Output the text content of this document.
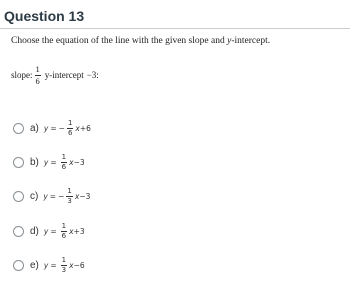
Question 13
Choose the equation of the line with the given slope and y-intercept.
slope: $\frac{1}{6}$ y-intercept −3:
a) y = − $\frac{1}{6}$ x +6
b) $y = \frac{1}{6}$ x −3
c) y = − $\frac{1}{3}$ x −3
d) $y = \frac{1}{6}$ x +3
e) $y = \frac{1}{3}$ x −6
